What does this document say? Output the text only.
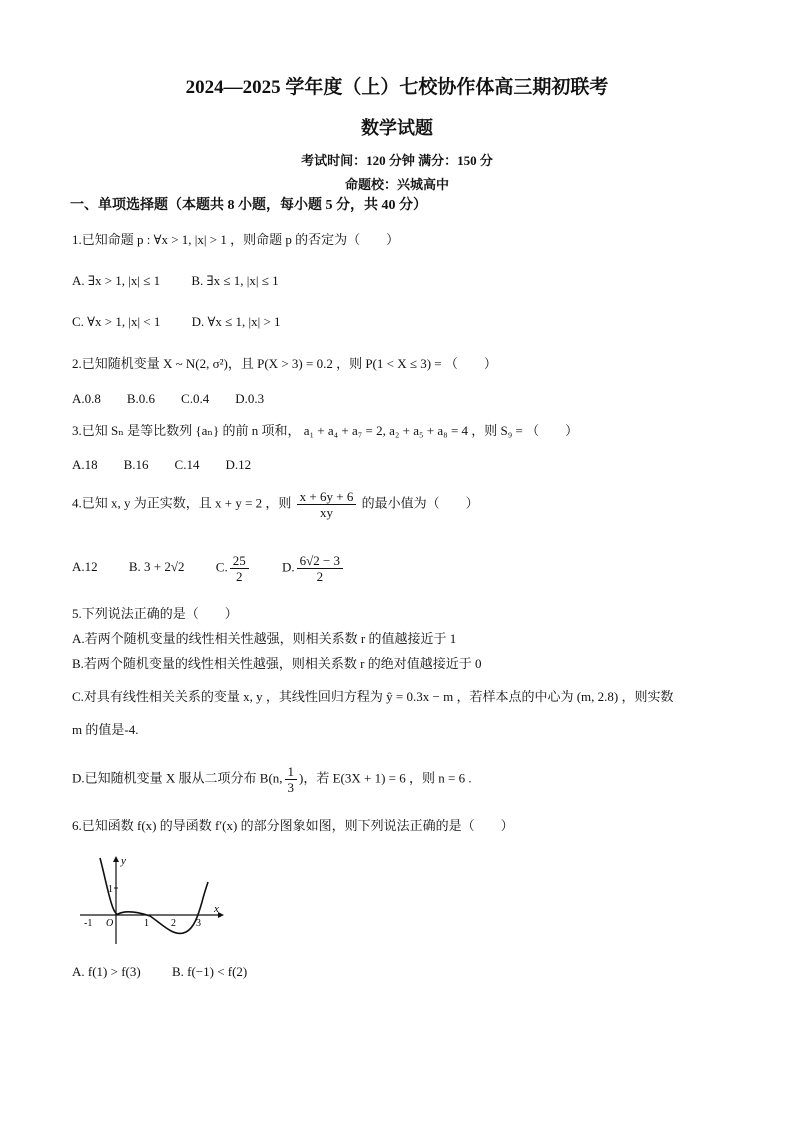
2024—2025 学年度（上）七校协作体高三期初联考
数学试题
考试时间：120 分钟 满分：150 分
命题校：兴城高中
一、单项选择题（本题共 8 小题，每小题 5 分，共 40 分）
1.已知命题 p : ∀x > 1, |x| > 1 ，则命题 p 的否定为（　　）
A. ∃x > 1, |x| ≤ 1 B. ∃x ≤ 1, |x| ≤ 1
C. ∀x > 1, |x| < 1 D. ∀x ≤ 1, |x| > 1
2.已知随机变量 X ~ N(2, σ²)，且 P(X > 3) = 0.2 ，则 P(1 < X ≤ 3) = （　　）
A.0.8　　B.0.6　　C.0.4　　D.0.3
3.已知 Sₙ 是等比数列 {aₙ} 的前 n 项和， a₁ + a₄ + a₇ = 2, a₂ + a₅ + a₈ = 4 ，则 S₉ = （　　）
A.18　　B.16　　C.14　　D.12
4.已知 x, y 为正实数，且 x + y = 2 ，则 $\frac{x + 6y + 6}{xy}$ 的最小值为（　　）
A.12 B. 3 + 2√2 C. $\frac{25}{2}$	D. $\frac{6√2 - 3}{2}$
5.下列说法正确的是（　　）
A.若两个随机变量的线性相关性越强，则相关系数 r 的值越接近于 1
B.若两个随机变量的线性相关性越强，则相关系数 r 的绝对值越接近于 0
C.对具有线性相关关系的变量 x, y ，其线性回归方程为 ŷ = 0.3x − m ，若样本点的中心为 (m, 2.8) ，则实数
m 的值是-4.
D.已知随机变量 X 服从二项分布 B(n, $\frac{1}{3}$ )，若 E(3X + 1) = 6 ，则 n = 6 .
6.已知函数 f(x) 的导函数 f′(x) 的部分图象如图，则下列说法正确的是（　　）
y
x
1
-1 O	1 2 3
A. f(1) > f(3) B. f(−1) < f(2)
